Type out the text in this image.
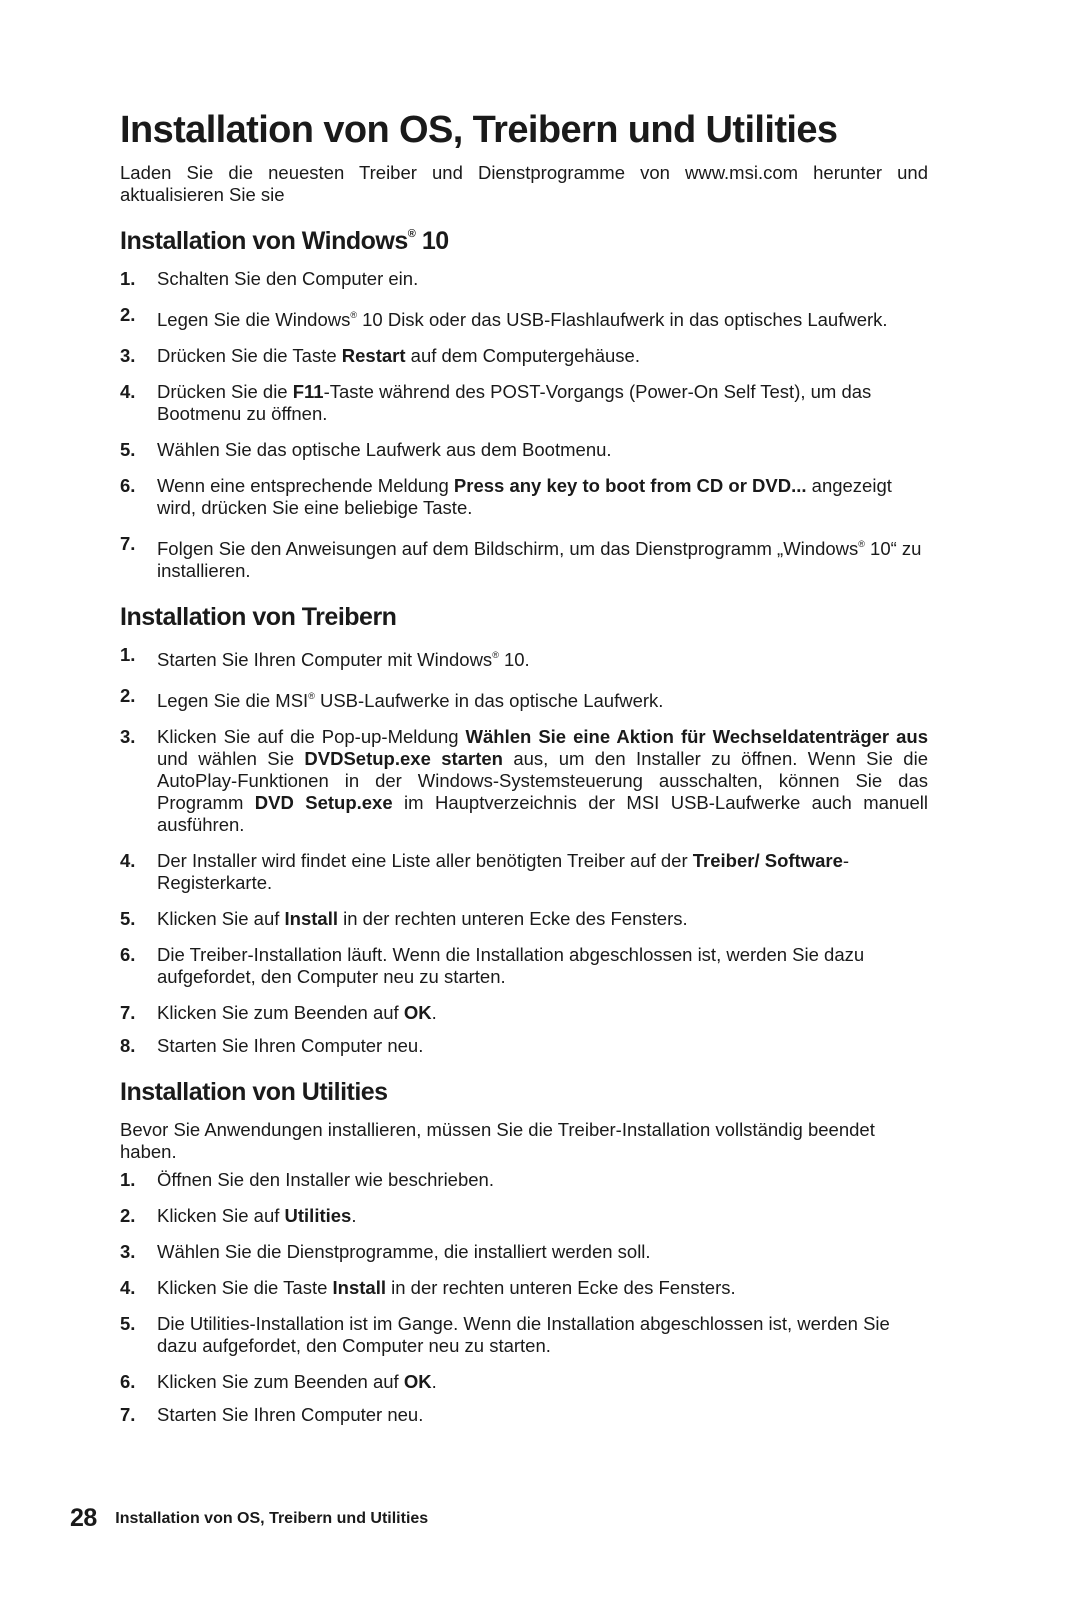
Installation von OS, Treibern und Utilities

Laden Sie die neuesten Treiber und Dienstprogramme von www.msi.com herunter und aktualisieren Sie sie

Installation von Windows® 10
1.	Schalten Sie den Computer ein.
2.	Legen Sie die Windows® 10 Disk oder das USB-Flashlaufwerk in das optisches Laufwerk.
3.	Drücken Sie die Taste Restart auf dem Computergehäuse.
4.	Drücken Sie die F11-Taste während des POST-Vorgangs (Power-On Self Test), um das Bootmenu zu öffnen.
5.	Wählen Sie das optische Laufwerk aus dem Bootmenu.
6.	Wenn eine entsprechende Meldung Press any key to boot from CD or DVD... angezeigt wird, drücken Sie eine beliebige Taste.
7.	Folgen Sie den Anweisungen auf dem Bildschirm, um das Dienstprogramm „Windows® 10“ zu installieren.
Installation von Treibern
1.	Starten Sie Ihren Computer mit Windows® 10.
2.	Legen Sie die MSI® USB-Laufwerke in das optische Laufwerk.
3.	Klicken Sie auf die Pop-up-Meldung Wählen Sie eine Aktion für Wechseldatenträger aus und wählen Sie DVDSetup.exe starten aus, um den Installer zu öffnen. Wenn Sie die AutoPlay-Funktionen in der Windows-Systemsteuerung ausschalten, können Sie das Programm DVD Setup.exe im Hauptverzeichnis der MSI USB-Laufwerke auch manuell ausführen.
4.	Der Installer wird findet eine Liste aller benötigten Treiber auf der Treiber/ Software-Registerkarte.
5.	Klicken Sie auf Install in der rechten unteren Ecke des Fensters.
6.	Die Treiber-Installation läuft. Wenn die Installation abgeschlossen ist, werden Sie dazu aufgefordet, den Computer neu zu starten.
7.	Klicken Sie zum Beenden auf OK.
8.	Starten Sie Ihren Computer neu.
Installation von Utilities

Bevor Sie Anwendungen installieren, müssen Sie die Treiber-Installation vollständig beendet haben.

1.	Öffnen Sie den Installer wie beschrieben.
2.	Klicken Sie auf Utilities.
3.	Wählen Sie die Dienstprogramme, die installiert werden soll.
4.	Klicken Sie die Taste Install in der rechten unteren Ecke des Fensters.
5.	Die Utilities-Installation ist im Gange. Wenn die Installation abgeschlossen ist, werden Sie dazu aufgefordet, den Computer neu zu starten.
6.	Klicken Sie zum Beenden auf OK.
7.	Starten Sie Ihren Computer neu.
28 Installation von OS, Treibern und Utilities
